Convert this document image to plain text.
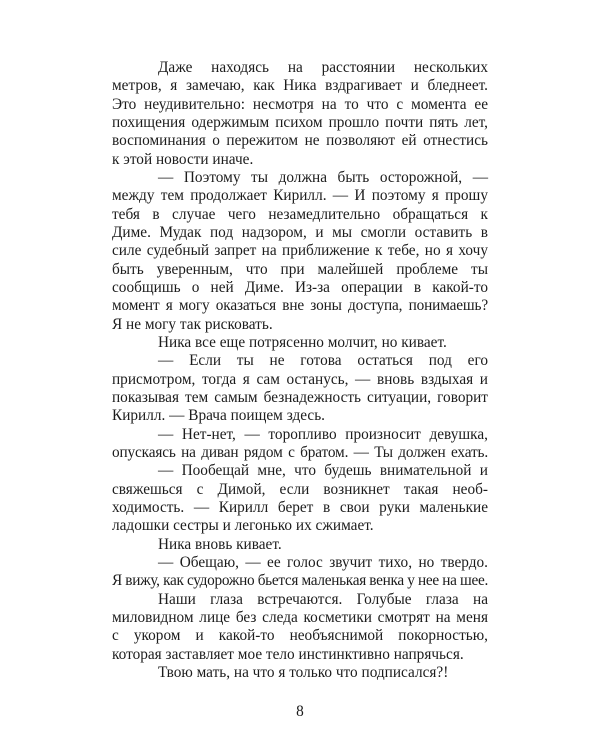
Даже находясь на расстоянии нескольких
метров, я замечаю, как Ника вздрагивает и бледнеет.
Это неудивительно: несмотря на то что с момента ее
похищения одержимым психом прошло почти пять лет,
воспоминания о пережитом не позволяют ей отнестись
к этой новости иначе.
— Поэтому ты должна быть осторожной, —
между тем продолжает Кирилл. — И поэтому я прошу
тебя в случае чего незамедлительно обращаться к
Диме. Мудак под надзором, и мы смогли оставить в
силе судебный запрет на приближение к тебе, но я хочу
быть уверенным, что при малейшей проблеме ты
сообщишь о ней Диме. Из-за операции в какой-то
момент я могу оказаться вне зоны доступа, понимаешь?
Я не могу так рисковать.
Ника все еще потрясенно молчит, но кивает.
— Если ты не готова остаться под его
присмотром, тогда я сам останусь, — вновь вздыхая и
показывая тем самым безнадежность ситуации, говорит
Кирилл. — Врача поищем здесь.
— Нет-нет, — торопливо произносит девушка,
опускаясь на диван рядом с братом. — Ты должен ехать.
— Пообещай мне, что будешь внимательной и
свяжешься с Димой, если возникнет такая необ-
ходимость. — Кирилл берет в свои руки маленькие
ладошки сестры и легонько их сжимает.
Ника вновь кивает.
— Обещаю, — ее голос звучит тихо, но твердо.
Я вижу, как судорожно бьется маленькая венка у нее на шее.
Наши глаза встречаются. Голубые глаза на
миловидном лице без следа косметики смотрят на меня
с укором и какой-то необъяснимой покорностью,
которая заставляет мое тело инстинктивно напрячься.
Твою мать, на что я только что подписался?!
8
